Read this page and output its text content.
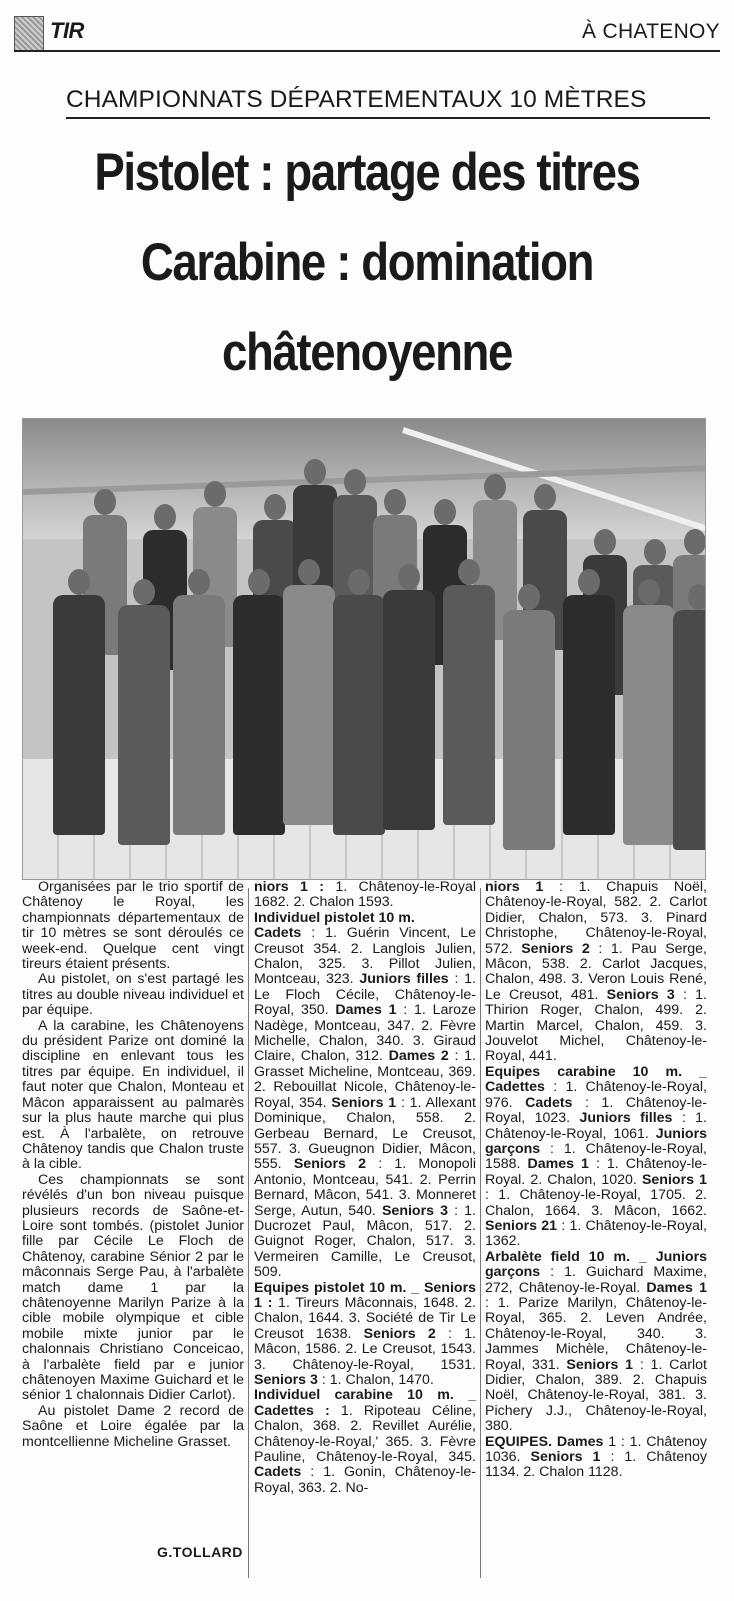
TIR	À CHATENOY
CHAMPIONNATS DÉPARTEMENTAUX 10 MÈTRES
Pistolet : partage des titres
Carabine : domination
châtenoyenne

Organisées par le trio sportif de Châtenoy le Royal, les championnats départementaux de tir 10 mètres se sont déroulés ce week-end. Quelque cent vingt tireurs étaient présents.

Au pistolet, on s'est partagé les titres au double niveau individuel et par équipe.

A la carabine, les Châtenoyens du président Parize ont dominé la discipline en enlevant tous les titres par équipe. En individuel, il faut noter que Chalon, Monteau et Mâcon apparaissent au palmarès sur la plus haute marche qui plus est. À l'arbalète, on retrouve Châtenoy tandis que Chalon truste à la cible.

Ces championnats se sont révélés d'un bon niveau puisque plusieurs records de Saône-et-Loire sont tombés. (pistolet Junior fille par Cécile Le Floch de Châtenoy, carabine Sénior 2 par le mâconnais Serge Pau, à l'arbalète match dame 1 par la châtenoyenne Marilyn Parize à la cible mobile olympique et cible mobile mixte junior par le chalonnais Christiano Conceicao, à l'arbalète field par e junior châtenoyen Maxime Guichard et le sénior 1 chalonnais Didier Carlot).

Au pistolet Dame 2 record de Saône et Loire égalée par la montcellienne Micheline Grasset.

niors 1 : 1. Châtenoy-le-Royal 1682. 2. Chalon 1593.
Individuel pistolet 10 m.
Cadets : 1. Guérin Vincent, Le Creusot 354. 2. Langlois Julien, Chalon, 325. 3. Pillot Julien, Montceau, 323. Juniors filles : 1. Le Floch Cécile, Châtenoy-le-Royal, 350. Dames 1 : 1. Laroze Nadège, Montceau, 347. 2. Fèvre Michelle, Chalon, 340. 3. Giraud Claire, Chalon, 312. Dames 2 : 1. Grasset Micheline, Montceau, 369. 2. Rebouillat Nicole, Châtenoy-le-Royal, 354. Seniors 1 : 1. Allexant Dominique, Chalon, 558. 2. Gerbeau Bernard, Le Creusot, 557. 3. Gueugnon Didier, Mâcon, 555. Seniors 2 : 1. Monopoli Antonio, Montceau, 541. 2. Perrin Bernard, Mâcon, 541. 3. Monneret Serge, Autun, 540. Seniors 3 : 1. Ducrozet Paul, Mâcon, 517. 2. Guignot Roger, Chalon, 517. 3. Vermeiren Camille, Le Creusot, 509.
Equipes pistolet 10 m. _ Seniors 1 : 1. Tireurs Mâconnais, 1648. 2. Chalon, 1644. 3. Société de Tir Le Creusot 1638. Seniors 2 : 1. Mâcon, 1586. 2. Le Creusot, 1543. 3. Châtenoy-le-Royal, 1531. Seniors 3 : 1. Chalon, 1470.
Individuel carabine 10 m. _ Cadettes : 1. Ripoteau Céline, Chalon, 368. 2. Revillet Aurélie, Châtenoy-le-Royal,' 365. 3. Fèvre Pauline, Châtenoy-le-Royal, 345. Cadets : 1. Gonin, Châtenoy-le-Royal, 363. 2. No-
niors 1 : 1. Chapuis Noël, Châtenoy-le-Royal, 582. 2. Carlot Didier, Chalon, 573. 3. Pinard Christophe, Châtenoy-le-Royal, 572. Seniors 2 : 1. Pau Serge, Mâcon, 538. 2. Carlot Jacques, Chalon, 498. 3. Veron Louis René, Le Creusot, 481. Seniors 3 : 1. Thirion Roger, Chalon, 499. 2. Martin Marcel, Chalon, 459. 3. Jouvelot Michel, Châtenoy-le-Royal, 441.
Equipes carabine 10 m. _ Cadettes : 1. Châtenoy-le-Royal, 976. Cadets : 1. Châtenoy-le-Royal, 1023. Juniors filles : 1. Châtenoy-le-Royal, 1061. Juniors garçons : 1. Châtenoy-le-Royal, 1588. Dames 1 : 1. Châtenoy-le-Royal. 2. Chalon, 1020. Seniors 1 : 1. Châtenoy-le-Royal, 1705. 2. Chalon, 1664. 3. Mâcon, 1662. Seniors 21 : 1. Châtenoy-le-Royal, 1362.
Arbalète field 10 m. _ Juniors garçons : 1. Guichard Maxime, 272, Châtenoy-le-Royal. Dames 1 : 1. Parize Marilyn, Châtenoy-le-Royal, 365. 2. Leven Andrée, Châtenoy-le-Royal, 340. 3. Jammes Michèle, Châtenoy-le-Royal, 331. Seniors 1 : 1. Carlot Didier, Chalon, 389. 2. Chapuis Noël, Châtenoy-le-Royal, 381. 3. Pichery J.J., Châtenoy-le-Royal, 380.
EQUIPES. Dames 1 : 1. Châtenoy 1036. Seniors 1 : 1. Châtenoy 1134. 2. Chalon 1128.
G.TOLLARD
